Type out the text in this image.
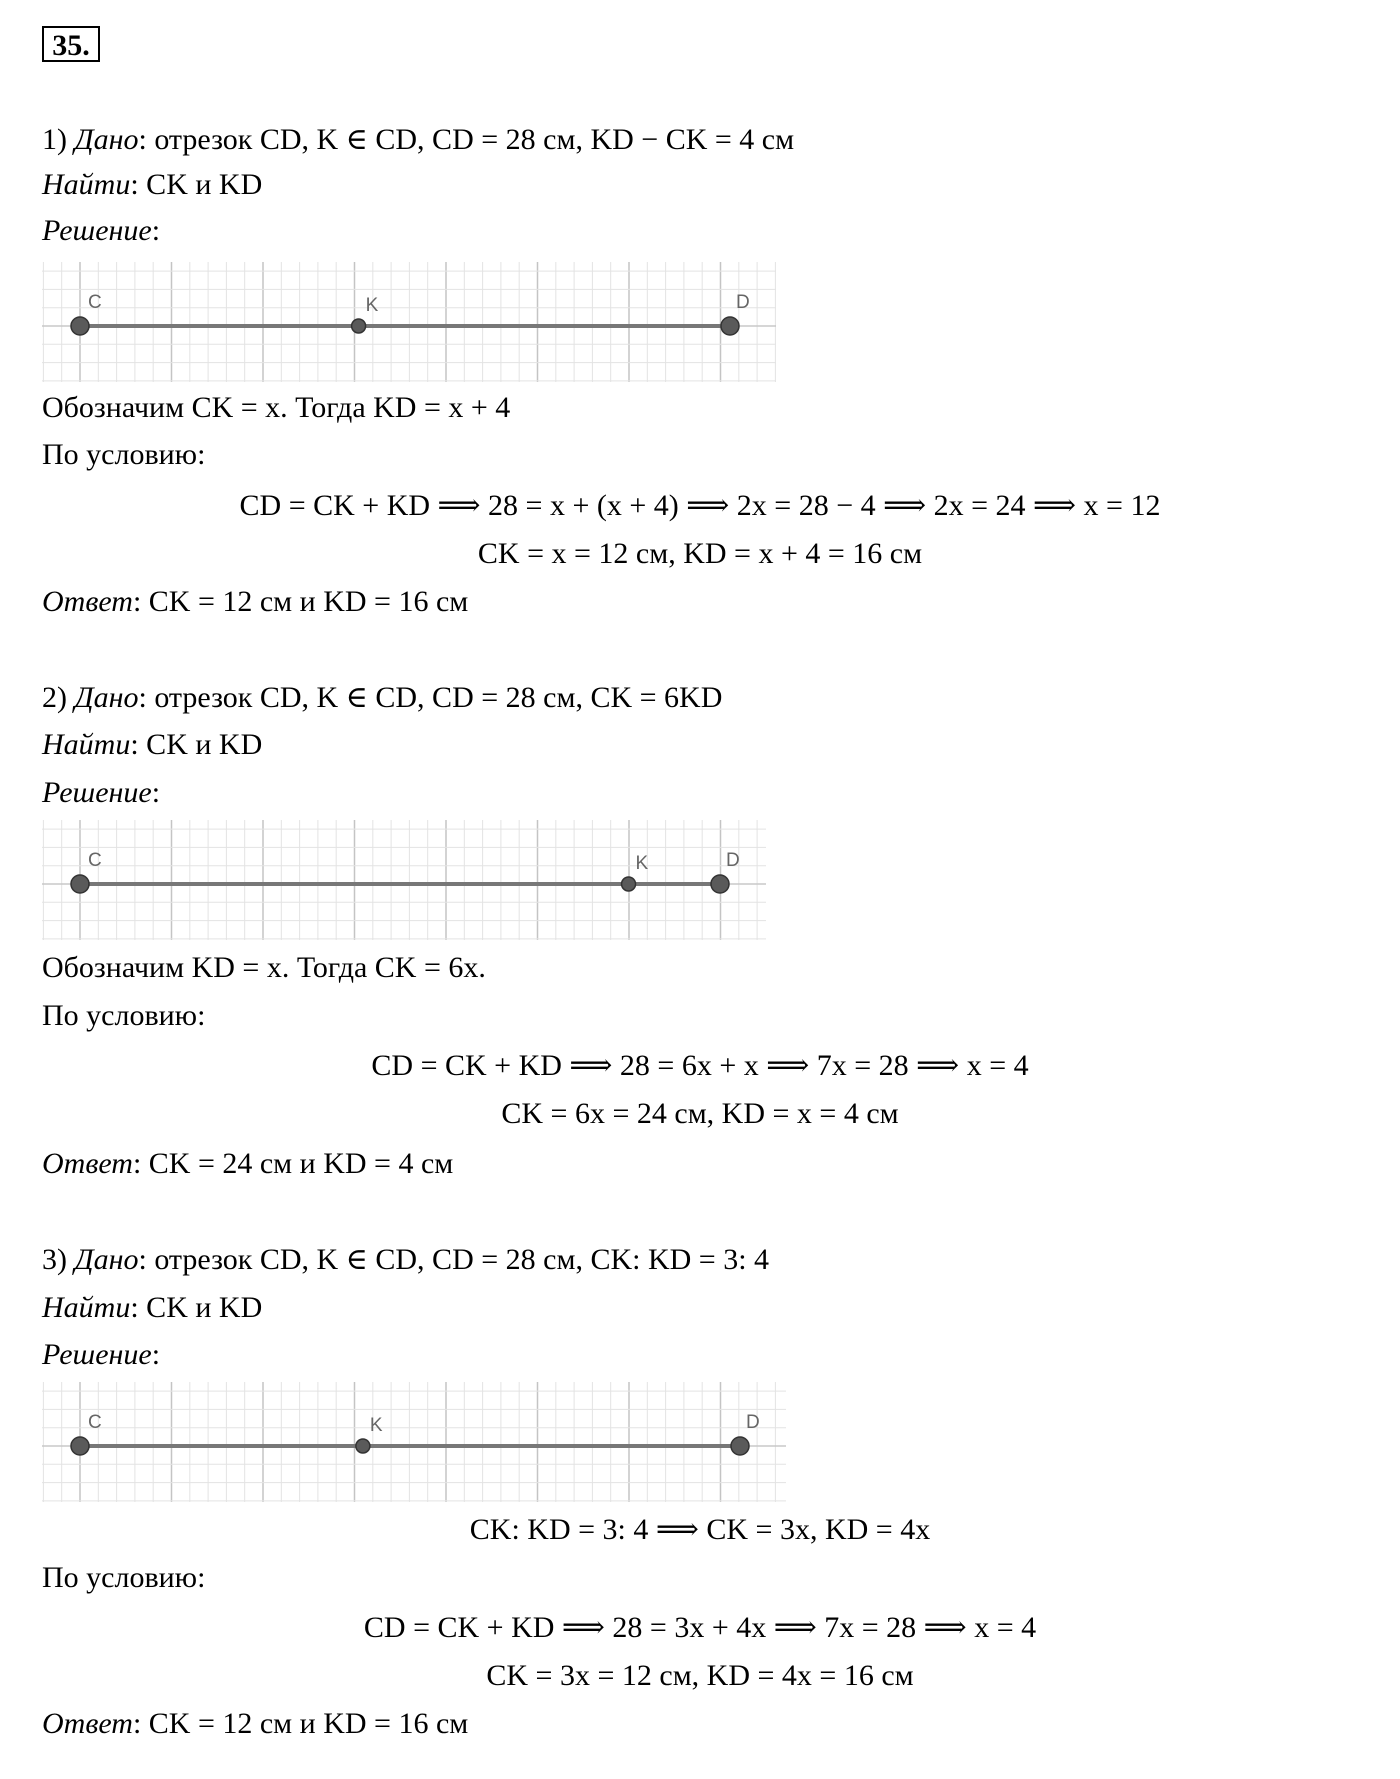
35.
1) Дано: отрезок CD, K ∈ CD, CD = 28 см, KD − CK = 4 см
Найти: CK и KD
Решение:
C	K	D
Обозначим CK = x. Тогда KD = x + 4
По условию:
CD = CK + KD ⟹ 28 = x + (x + 4) ⟹ 2x = 28 − 4 ⟹ 2x = 24 ⟹ x = 12
CK = x = 12 см, KD = x + 4 = 16 см
Ответ: CK = 12 см и KD = 16 см
2) Дано: отрезок CD, K ∈ CD, CD = 28 см, CK = 6KD
Найти: CK и KD
Решение:
C	K	D
Обозначим KD = x. Тогда CK = 6x.
По условию:
CD = CK + KD ⟹ 28 = 6x + x ⟹ 7x = 28 ⟹ x = 4
CK = 6x = 24 см, KD = x = 4 см
Ответ: CK = 24 см и KD = 4 см
3) Дано: отрезок CD, K ∈ CD, CD = 28 см, CK: KD = 3: 4
Найти: CK и KD
Решение:
C	K	D
CK: KD = 3: 4 ⟹ CK = 3x, KD = 4x
По условию:
CD = CK + KD ⟹ 28 = 3x + 4x ⟹ 7x = 28 ⟹ x = 4
CK = 3x = 12 см, KD = 4x = 16 см
Ответ: CK = 12 см и KD = 16 см
